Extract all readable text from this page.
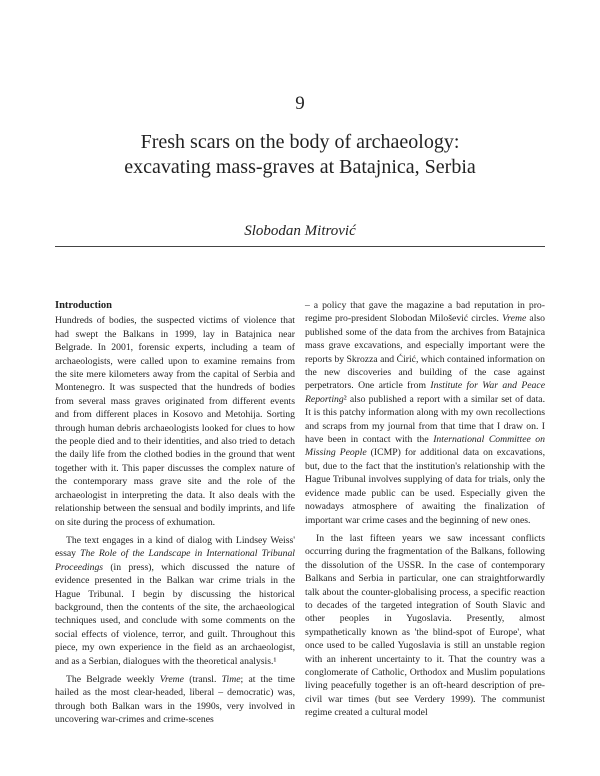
9
Fresh scars on the body of archaeology:
excavating mass-graves at Batajnica, Serbia
Slobodan Mitrović
Introduction

Hundreds of bodies, the suspected victims of violence that had swept the Balkans in 1999, lay in Batajnica near Belgrade. In 2001, forensic experts, including a team of archaeologists, were called upon to examine remains from the site mere kilometers away from the capital of Serbia and Montenegro. It was suspected that the hundreds of bodies from several mass graves originated from different events and from different places in Kosovo and Metohija. Sorting through human debris archaeologists looked for clues to how the people died and to their identities, and also tried to detach the daily life from the clothed bodies in the ground that went together with it. This paper discusses the complex nature of the contemporary mass grave site and the role of the archaeologist in interpreting the data. It also deals with the relationship between the sensual and bodily imprints, and life on site during the process of exhumation.

The text engages in a kind of dialog with Lindsey Weiss' essay The Role of the Landscape in International Tribunal Proceedings (in press), which discussed the nature of evidence presented in the Balkan war crime trials in the Hague Tribunal. I begin by discussing the historical background, then the contents of the site, the archaeological techniques used, and conclude with some comments on the social effects of violence, terror, and guilt. Throughout this piece, my own experience in the field as an archaeologist, and as a Serbian, dialogues with the theoretical analysis.¹

The Belgrade weekly Vreme (transl. Time; at the time hailed as the most clear-headed, liberal – democratic) was, through both Balkan wars in the 1990s, very involved in uncovering war-crimes and crime-scenes

– a policy that gave the magazine a bad reputation in pro-regime pro-president Slobodan Milošević circles. Vreme also published some of the data from the archives from Batajnica mass grave excavations, and especially important were the reports by Skrozza and Ćirić, which contained information on the new discoveries and building of the case against perpetrators. One article from Institute for War and Peace Reporting² also published a report with a similar set of data. It is this patchy information along with my own recollections and scraps from my journal from that time that I draw on. I have been in contact with the International Committee on Missing People (ICMP) for additional data on excavations, but, due to the fact that the institution's relationship with the Hague Tribunal involves supplying of data for trials, only the evidence made public can be used. Especially given the nowadays atmosphere of awaiting the finalization of important war crime cases and the beginning of new ones.

In the last fifteen years we saw incessant conflicts occurring during the fragmentation of the Balkans, following the dissolution of the USSR. In the case of contemporary Balkans and Serbia in particular, one can straightforwardly talk about the counter-globalising process, a specific reaction to decades of the targeted integration of South Slavic and other peoples in Yugoslavia. Presently, almost sympathetically known as 'the blind-spot of Europe', what once used to be called Yugoslavia is still an unstable region with an inherent uncertainty to it. That the country was a conglomerate of Catholic, Orthodox and Muslim populations living peacefully together is an oft-heard description of pre-civil war times (but see Verdery 1999). The communist regime created a cultural model
